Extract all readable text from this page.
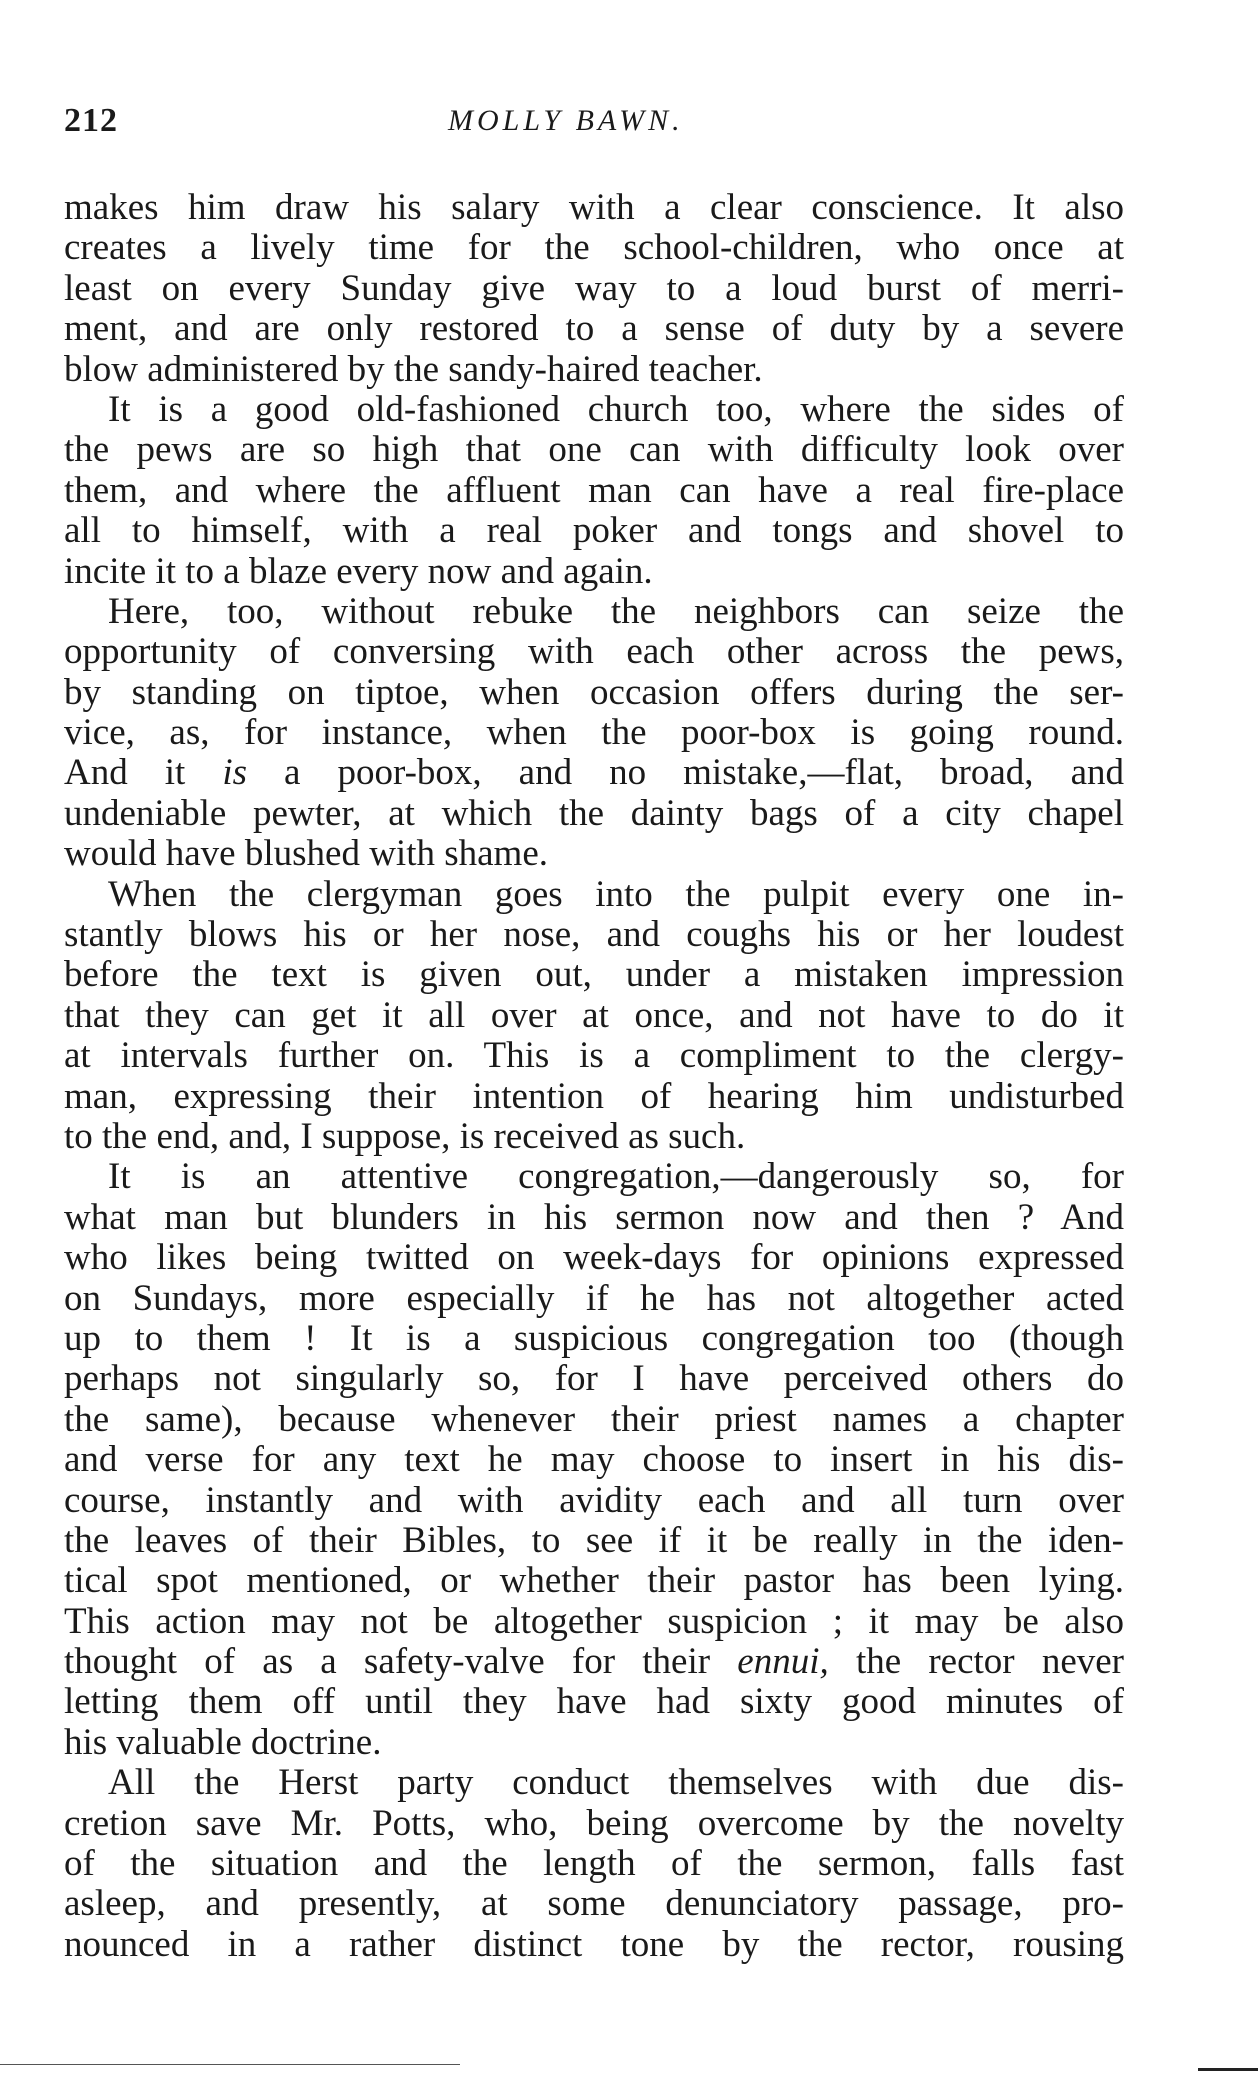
212	MOLLY BAWN.
makes him draw his salary with a clear conscience. It also
creates a lively time for the school-children, who once at
least on every Sunday give way to a loud burst of merri-
ment, and are only restored to a sense of duty by a severe
blow administered by the sandy-haired teacher.
It is a good old-fashioned church too, where the sides of
the pews are so high that one can with difficulty look over
them, and where the affluent man can have a real fire-place
all to himself, with a real poker and tongs and shovel to
incite it to a blaze every now and again.
Here, too, without rebuke the neighbors can seize the
opportunity of conversing with each other across the pews,
by standing on tiptoe, when occasion offers during the ser-
vice, as, for instance, when the poor-box is going round.
And it is a poor-box, and no mistake,—flat, broad, and
undeniable pewter, at which the dainty bags of a city chapel
would have blushed with shame.
When the clergyman goes into the pulpit every one in-
stantly blows his or her nose, and coughs his or her loudest
before the text is given out, under a mistaken impression
that they can get it all over at once, and not have to do it
at intervals further on. This is a compliment to the clergy-
man, expressing their intention of hearing him undisturbed
to the end, and, I suppose, is received as such.
It is an attentive congregation,—dangerously so, for
what man but blunders in his sermon now and then ? And
who likes being twitted on week-days for opinions expressed
on Sundays, more especially if he has not altogether acted
up to them ! It is a suspicious congregation too (though
perhaps not singularly so, for I have perceived others do
the same), because whenever their priest names a chapter
and verse for any text he may choose to insert in his dis-
course, instantly and with avidity each and all turn over
the leaves of their Bibles, to see if it be really in the iden-
tical spot mentioned, or whether their pastor has been lying.
This action may not be altogether suspicion ; it may be also
thought of as a safety-valve for their ennui, the rector never
letting them off until they have had sixty good minutes of
his valuable doctrine.
All the Herst party conduct themselves with due dis-
cretion save Mr. Potts, who, being overcome by the novelty
of the situation and the length of the sermon, falls fast
asleep, and presently, at some denunciatory passage, pro-
nounced in a rather distinct tone by the rector, rousing
